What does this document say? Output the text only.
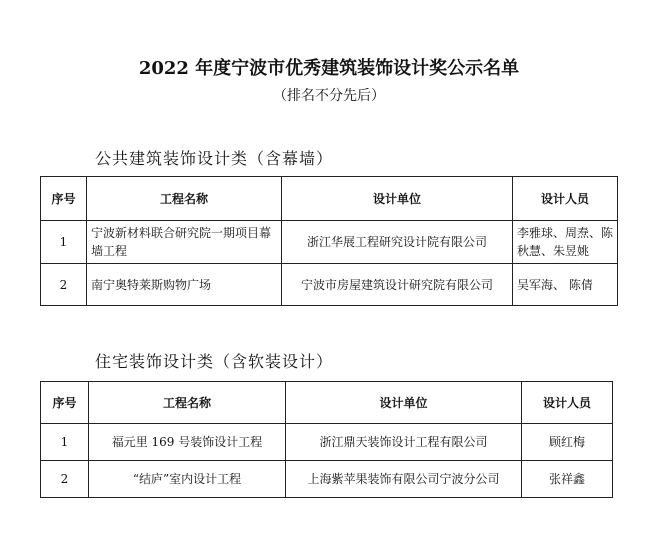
2022 年度宁波市优秀建筑装饰设计奖公示名单
（排名不分先后）
公共建筑装饰设计类（含幕墙）
序号	工程名称	设计单位	设计人员
1	宁波新材料联合研究院一期项目幕墙工程	浙江华展工程研究设计院有限公司	李雅球、周焘、陈秋慧、朱昱姚
2	南宁奥特莱斯购物广场	宁波市房屋建筑设计研究院有限公司	吴军海、 陈倩
住宅装饰设计类（含软装设计）
序号	工程名称	设计单位	设计人员
1	福元里 169 号装饰设计工程	浙江鼎天装饰设计工程有限公司	顾红梅
2	“结庐”室内设计工程	上海紫苹果装饰有限公司宁波分公司	张祥鑫
